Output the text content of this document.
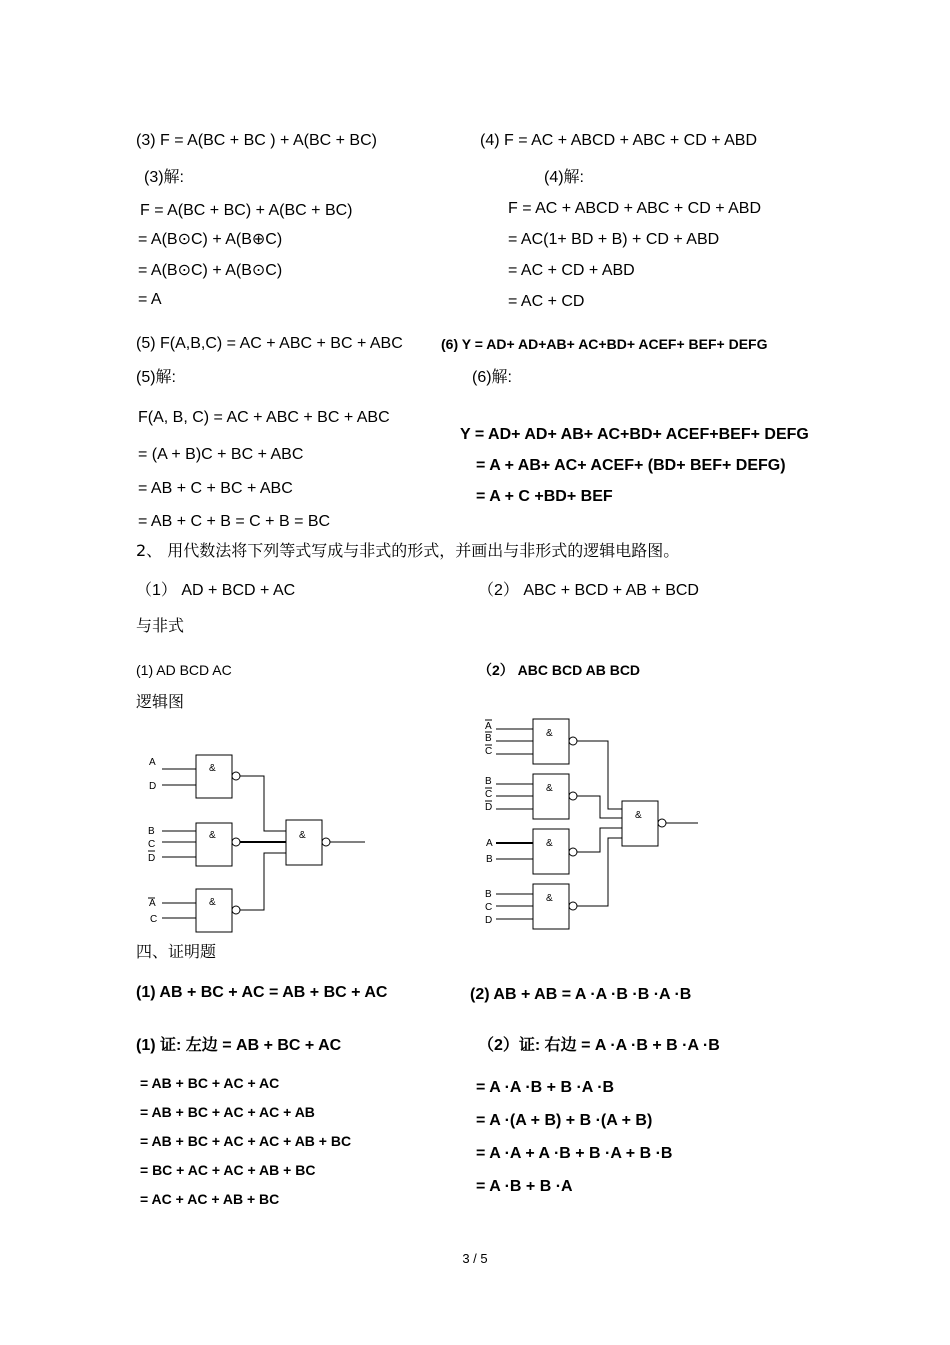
(3) F = A(BC + BC ) + A(BC + BC)
(3)解:
F = A(BC + BC) + A(BC + BC)
= A(B⊙C) + A(B⊕C)
= A(B⊙C) + A(B⊙C)
= A
(4) F = AC + ABCD + ABC + CD + ABD
(4)解:
F = AC + ABCD + ABC + CD + ABD
= AC(1+ BD + B) + CD + ABD
= AC + CD + ABD
= AC + CD
(5) F(A,B,C) = AC + ABC + BC + ABC
(5)解:
F(A, B, C) = AC + ABC + BC + ABC
= (A + B)C + BC + ABC
= AB + C + BC + ABC
= AB + C + B = C + B = BC
(6) Y = AD+ AD+AB+ AC+BD+ ACEF+ BEF+ DEFG
(6)解:
Y = AD+ AD+ AB+ AC+BD+ ACEF+BEF+ DEFG
= A + AB+ AC+ ACEF+ (BD+ BEF+ DEFG)
= A + C +BD+ BEF
2、 用代数法将下列等式写成与非式的形式，并画出与非形式的逻辑电路图。
（1） AD + BCD + AC	（2） ABC + BCD + AB + BCD
与非式
(1) AD BCD AC	（2） ABC BCD AB BCD
逻辑图
A
D
B
C
D
A
C
&
&
&
&
A
B
C
B
C
D
A
B
B
C
D
&
&
&
&
&
四、证明题
(1) AB + BC + AC = AB + BC + AC	(2) AB + AB = A ·A ·B ·B ·A ·B
(1) 证: 左边 = AB + BC + AC
= AB + BC + AC + AC
= AB + BC + AC + AC + AB
= AB + BC + AC + AC + AB + BC
= BC + AC + AC + AB + BC
= AC + AC + AB + BC
（2）证: 右边 = A ·A ·B + B ·A ·B
= A ·A ·B + B ·A ·B
= A ·(A + B) + B ·(A + B)
= A ·A + A ·B + B ·A + B ·B
= A ·B + B ·A
3 / 5
